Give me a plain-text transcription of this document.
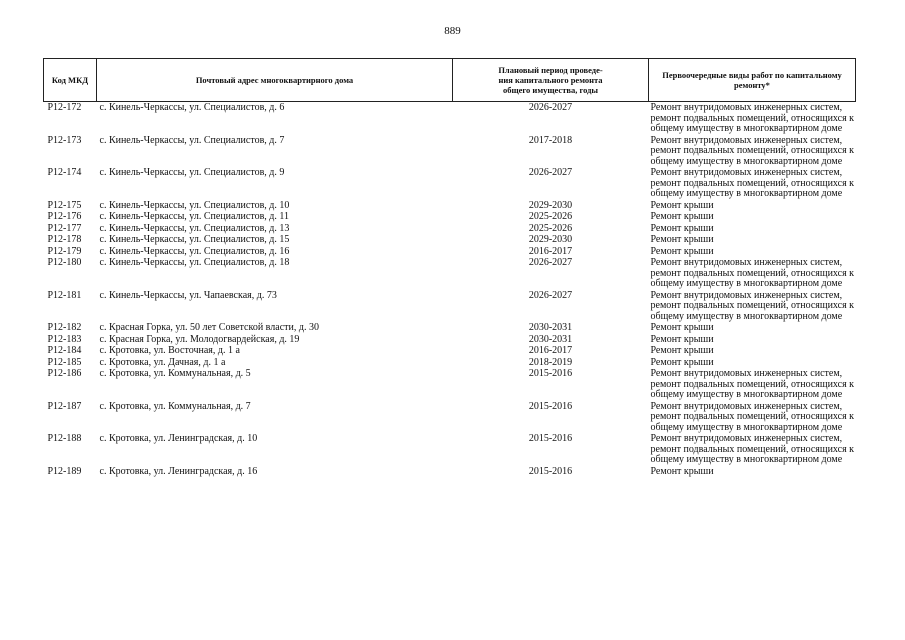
889
Код МКД	Почтовый адрес многоквартирного дома	Плановый период проведе-
ния капитального ремонта
общего имущества, годы	Первоочередные виды работ по капитальному
ремонту*

Р12-172	с. Кинель-Черкассы, ул. Специалистов, д. 6	2026-2027	Ремонт внутридомовых инженерных систем,
ремонт подвальных помещений, относящихся к
общему имуществу в многоквартирном доме

Р12-173	с. Кинель-Черкассы, ул. Специалистов, д. 7	2017-2018	Ремонт внутридомовых инженерных систем,
ремонт подвальных помещений, относящихся к
общему имуществу в многоквартирном доме

Р12-174	с. Кинель-Черкассы, ул. Специалистов, д. 9	2026-2027	Ремонт внутридомовых инженерных систем,
ремонт подвальных помещений, относящихся к
общему имуществу в многоквартирном доме

Р12-175	с. Кинель-Черкассы, ул. Специалистов, д. 10	2029-2030	Ремонт крыши

Р12-176	с. Кинель-Черкассы, ул. Специалистов, д. 11	2025-2026	Ремонт крыши

Р12-177	с. Кинель-Черкассы, ул. Специалистов, д. 13	2025-2026	Ремонт крыши

Р12-178	с. Кинель-Черкассы, ул. Специалистов, д. 15	2029-2030	Ремонт крыши

Р12-179	с. Кинель-Черкассы, ул. Специалистов, д. 16	2016-2017	Ремонт крыши

Р12-180	с. Кинель-Черкассы, ул. Специалистов, д. 18	2026-2027	Ремонт внутридомовых инженерных систем,
ремонт подвальных помещений, относящихся к
общему имуществу в многоквартирном доме

Р12-181	с. Кинель-Черкассы, ул. Чапаевская, д. 73	2026-2027	Ремонт внутридомовых инженерных систем,
ремонт подвальных помещений, относящихся к
общему имуществу в многоквартирном доме

Р12-182	с. Красная Горка, ул. 50 лет Советской власти, д. 30	2030-2031	Ремонт крыши

Р12-183	с. Красная Горка, ул. Молодогвардейская, д. 19	2030-2031	Ремонт крыши

Р12-184	с. Кротовка, ул. Восточная, д. 1 а	2016-2017	Ремонт крыши

Р12-185	с. Кротовка, ул. Дачная, д. 1 а	2018-2019	Ремонт крыши

Р12-186	с. Кротовка, ул. Коммунальная, д. 5	2015-2016	Ремонт внутридомовых инженерных систем,
ремонт подвальных помещений, относящихся к
общему имуществу в многоквартирном доме

Р12-187	с. Кротовка, ул. Коммунальная, д. 7	2015-2016	Ремонт внутридомовых инженерных систем,
ремонт подвальных помещений, относящихся к
общему имуществу в многоквартирном доме

Р12-188	с. Кротовка, ул. Ленинградская, д. 10	2015-2016	Ремонт внутридомовых инженерных систем,
ремонт подвальных помещений, относящихся к
общему имуществу в многоквартирном доме

Р12-189	с. Кротовка, ул. Ленинградская, д. 16	2015-2016	Ремонт крыши
